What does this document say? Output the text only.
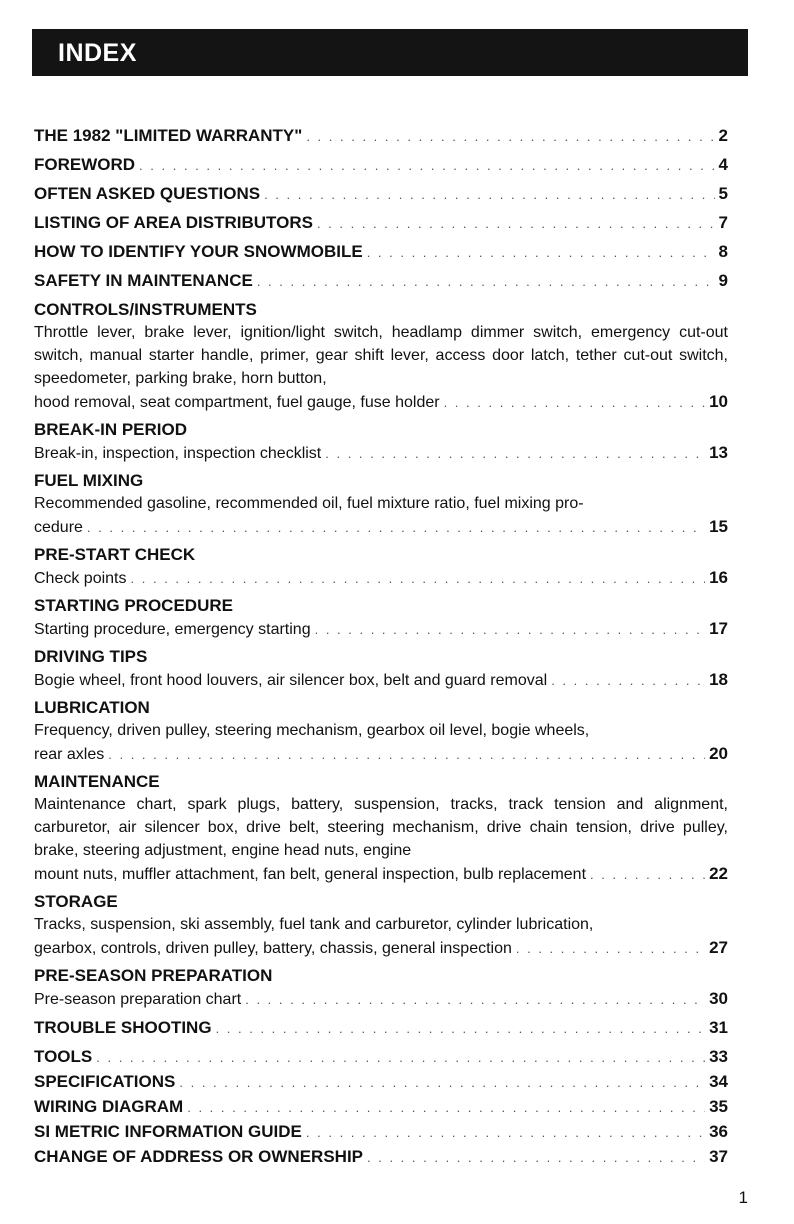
INDEX
THE 1982 "LIMITED WARRANTY" . . .	2
FOREWORD . . .	4
OFTEN ASKED QUESTIONS . . .	5
LISTING OF AREA DISTRIBUTORS . . .	7
HOW TO IDENTIFY YOUR SNOWMOBILE . . .	8
SAFETY IN MAINTENANCE . . .	9
CONTROLS/INSTRUMENTS
Throttle lever, brake lever, ignition/light switch, headlamp dimmer switch, emergency cut-out switch, manual starter handle, primer, gear shift lever, access door latch, tether cut-out switch, speedometer, parking brake, horn button,
hood removal, seat compartment, fuel gauge, fuse holder . . .	10
BREAK-IN PERIOD
Break-in, inspection, inspection checklist . . .	13
FUEL MIXING
Recommended gasoline, recommended oil, fuel mixture ratio, fuel mixing pro-
cedure . . .	15
PRE-START CHECK
Check points . . .	16
STARTING PROCEDURE
Starting procedure, emergency starting . . .	17
DRIVING TIPS
Bogie wheel, front hood louvers, air silencer box, belt and guard removal . . .	18
LUBRICATION
Frequency, driven pulley, steering mechanism, gearbox oil level, bogie wheels,
rear axles . . .	20
MAINTENANCE
Maintenance chart, spark plugs, battery, suspension, tracks, track tension and alignment, carburetor, air silencer box, drive belt, steering mechanism, drive chain tension, drive pulley, brake, steering adjustment, engine head nuts, engine
mount nuts, muffler attachment, fan belt, general inspection, bulb replacement . . .	22
STORAGE
Tracks, suspension, ski assembly, fuel tank and carburetor, cylinder lubrication,
gearbox, controls, driven pulley, battery, chassis, general inspection . . .	27
PRE-SEASON PREPARATION
Pre-season preparation chart . . .	30
TROUBLE SHOOTING . . .	31
TOOLS . . .	33
SPECIFICATIONS . . .	34
WIRING DIAGRAM . . .	35
SI METRIC INFORMATION GUIDE . . .	36
CHANGE OF ADDRESS OR OWNERSHIP . . .	37
1
